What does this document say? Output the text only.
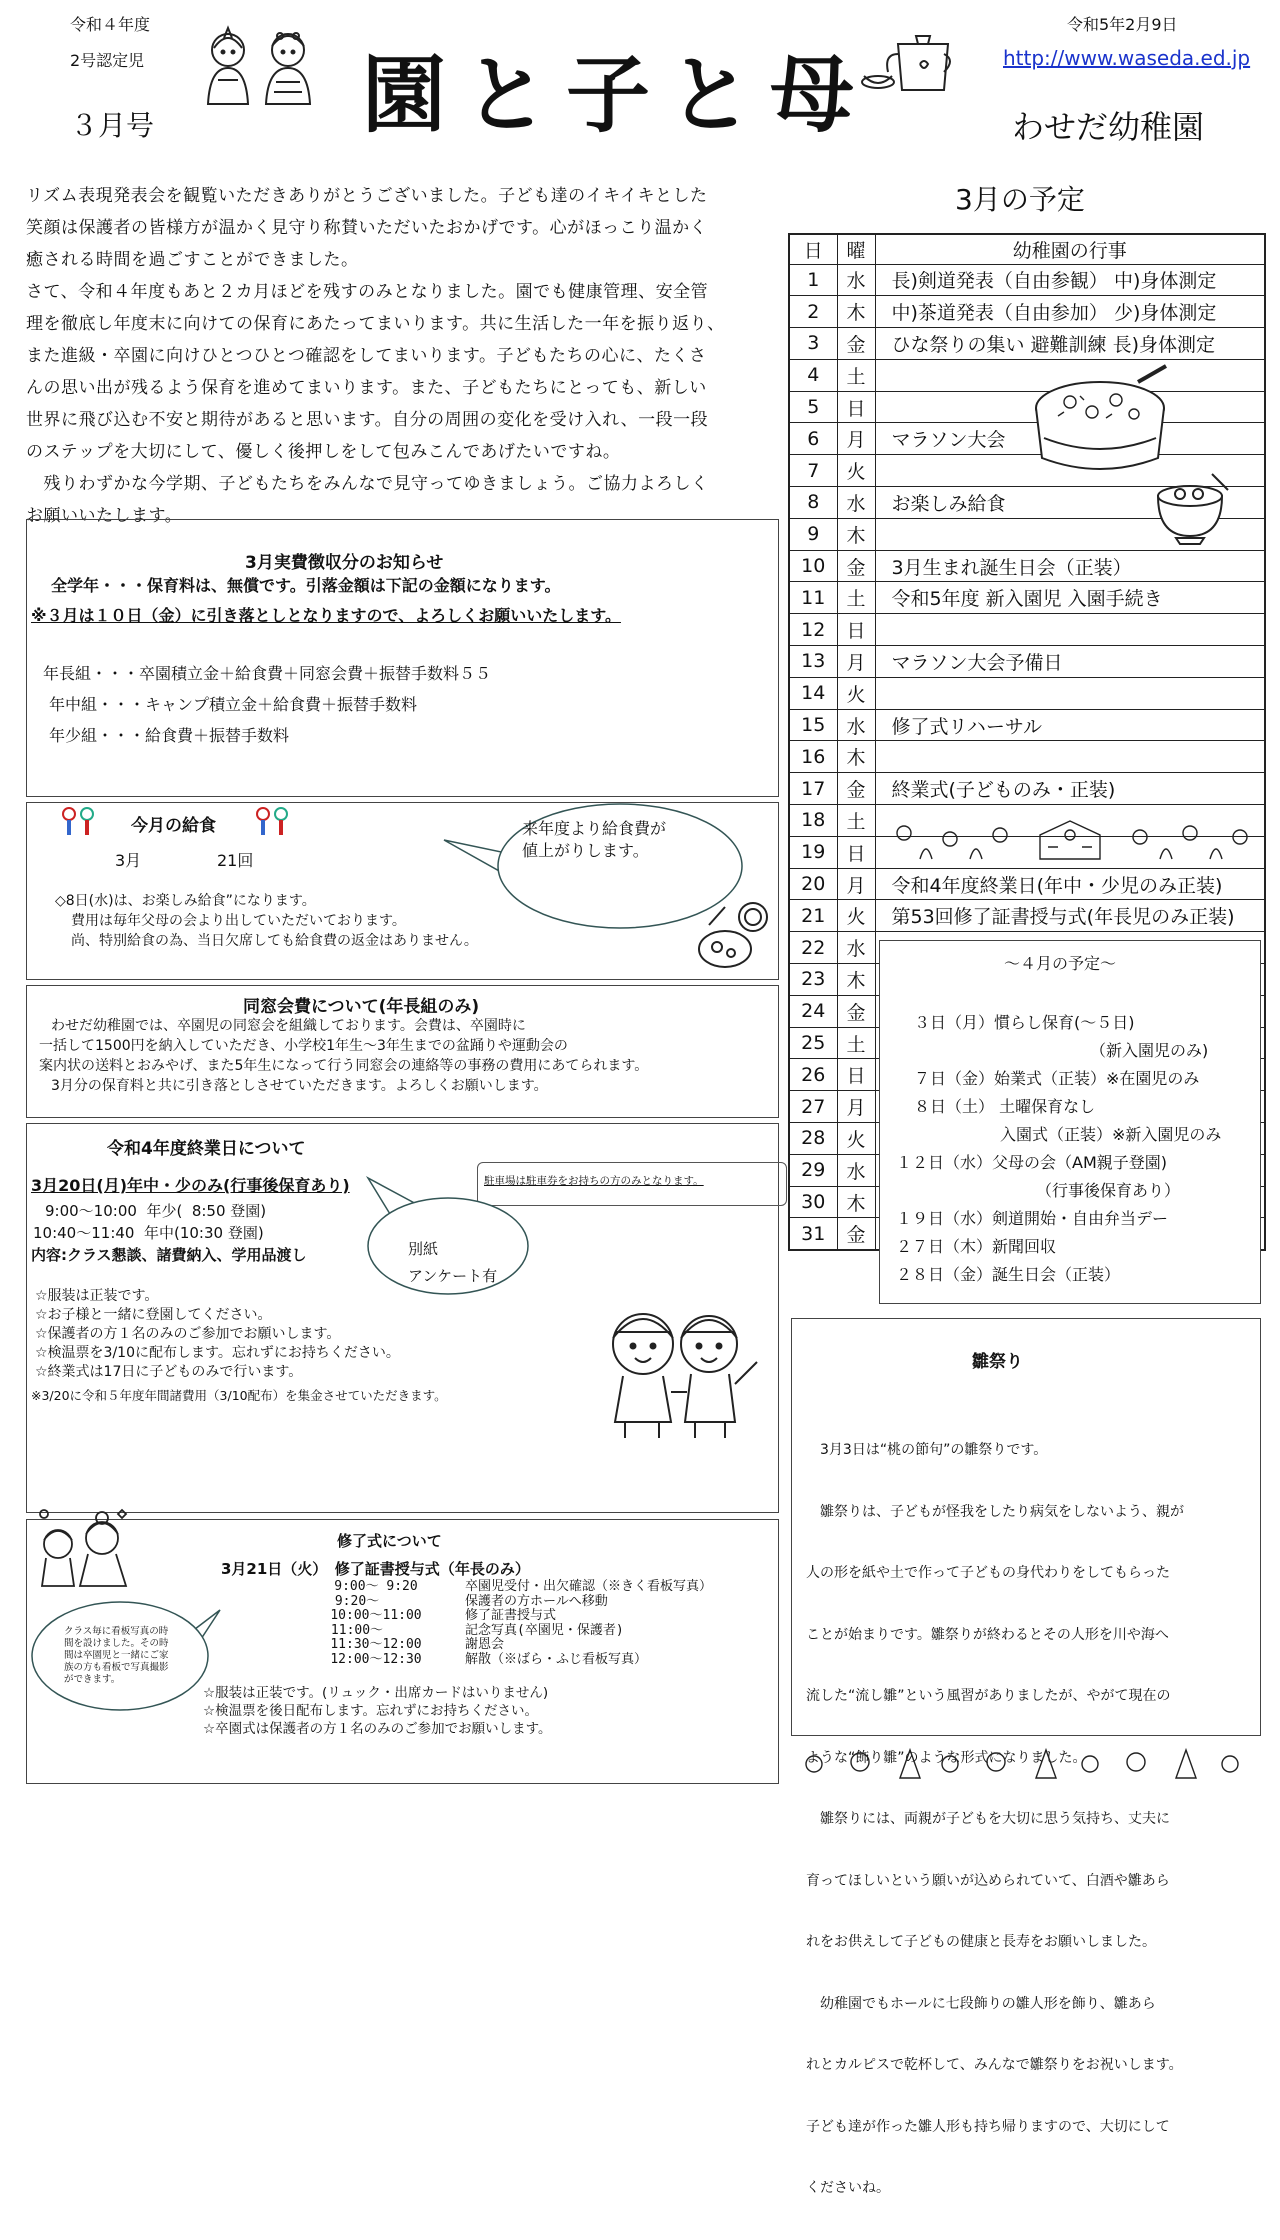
令和４年度
2号認定児
３月号 園と子と母
令和5年2月9日
http://www.waseda.ed.jp
わせだ幼稚園

リズム表現発表会を観覧いただきありがとうございました。子ども達のイキイキとした

笑顔は保護者の皆様方が温かく見守り称賛いただいたおかげです。心がほっこり温かく

癒される時間を過ごすことができました。

さて、令和４年度もあと２カ月ほどを残すのみとなりました。園でも健康管理、安全管

理を徹底し年度末に向けての保育にあたってまいります。共に生活した一年を振り返り、

また進級・卒園に向けひとつひとつ確認をしてまいります。子どもたちの心に、たくさ

んの思い出が残るよう保育を進めてまいります。また、子どもたちにとっても、新しい

世界に飛び込む不安と期待があると思います。自分の周囲の変化を受け入れ、一段一段

のステップを大切にして、優しく後押しをして包みこんであげたいですね。

　残りわずかな今学期、子どもたちをみんなで見守ってゆきましょう。ご協力よろしく

お願いいたします。

3月実費徴収分のお知らせ
全学年・・・保育料は、無償です。引落金額は下記の金額になります。
※３月は１０日（金）に引き落としとなりますので、よろしくお願いいたします。
年長組・・・卒園積立金＋給食費＋同窓会費＋振替手数料５５
年中組・・・キャンプ積立金＋給食費＋振替手数料
年少組・・・給食費＋振替手数料
今月の給食
3月	21回
◇8日(水)は、お楽しみ給食”になります。
費用は毎年父母の会より出していただいております。
尚、特別給食の為、当日欠席しても給食費の返金はありません。
来年度より給食費が
値上がりします。
同窓会費について(年長組のみ)
わせだ幼稚園では、卒園児の同窓会を組織しております。会費は、卒園時に
一括して1500円を納入していただき、小学校1年生～3年生までの盆踊りや運動会の
案内状の送料とおみやげ、また5年生になって行う同窓会の連絡等の事務の費用にあてられます。
3月分の保育料と共に引き落としさせていただきます。よろしくお願いします。
令和4年度終業日について
駐車場は駐車券をお持ちの方のみとなります。
3月20日(月)年中・少のみ(行事後保育あり)
9:00～10:00  年少(  8:50 登園)
10:40～11:40  年中(10:30 登園)
内容:クラス懇談、諸費納入、学用品渡し
☆服装は正装です。
☆お子様と一緒に登園してください。
☆保護者の方１名のみのご参加でお願いします。
☆検温票を3/10に配布します。忘れずにお持ちください。
☆終業式は17日に子どものみで行います。
※3/20に令和５年度年間諸費用（3/10配布）を集金させていただきます。
別紙
アンケート有
修了式について
3月21日（火）　修了証書授与式（年長のみ）
9:00～ 9:20	卒園児受付・出欠確認（※きく看板写真）
9:20～	保護者の方ホールへ移動
10:00～11:00	修了証書授与式
11:00～	記念写真(卒園児・保護者)
11:30～12:00	謝恩会
12:00～12:30	解散（※ばら・ふじ看板写真）
☆服装は正装です。(リュック・出席カードはいりません)
☆検温票を後日配布します。忘れずにお持ちください。
☆卒園式は保護者の方１名のみのご参加でお願いします。
クラス毎に看板写真の時
間を設けました。その時
間は卒園児と一緒にご家
族の方も看板で写真撮影
ができます。
3月の予定
日	曜	幼稚園の行事
1	水	長)剣道発表（自由参観） 中)身体測定
2	木	中)茶道発表（自由参加） 少)身体測定
3	金	ひな祭りの集い 避難訓練 長)身体測定
4	土	
5	日	
6	月	マラソン大会
7	火	
8	水	お楽しみ給食
9	木	
10	金	3月生まれ誕生日会（正装）
11	土	令和5年度 新入園児 入園手続き
12	日	
13	月	マラソン大会予備日
14	火	
15	水	修了式リハーサル
16	木	
17	金	終業式(子どものみ・正装)
18	土	
19	日	
20	月	令和4年度終業日(年中・少児のみ正装)
21	火	第53回修了証書授与式(年長児のみ正装)
22	水	
23	木	
24	金	
25	土	
26	日	
27	月	
28	火	
29	水	
30	木	
31	金	
～４月の予定～
３日（月）慣らし保育(～５日)
（新入園児のみ)
７日（金）始業式（正装）※在園児のみ
８日（土） 土曜保育なし
入園式（正装）※新入園児のみ
１２日（水）父母の会（AM親子登園)
（行事後保育あり）
１９日（水）剣道開始・自由弁当デー
２７日（木）新聞回収
２８日（金）誕生日会（正装）
雛祭り

　3月3日は“桃の節句”の雛祭りです。

　雛祭りは、子どもが怪我をしたり病気をしないよう、親が

人の形を紙や土で作って子どもの身代わりをしてもらった

ことが始まりです。雛祭りが終わるとその人形を川や海へ

流した“流し雛”という風習がありましたが、やがて現在の

ような“飾り雛”のような形式になりました。

　雛祭りには、両親が子どもを大切に思う気持ち、丈夫に

育ってほしいという願いが込められていて、白酒や雛あら

れをお供えして子どもの健康と長寿をお願いしました。

　幼稚園でもホールに七段飾りの雛人形を飾り、雛あら

れとカルピスで乾杯して、みんなで雛祭りをお祝いします。

子ども達が作った雛人形も持ち帰りますので、大切にして

くださいね。
